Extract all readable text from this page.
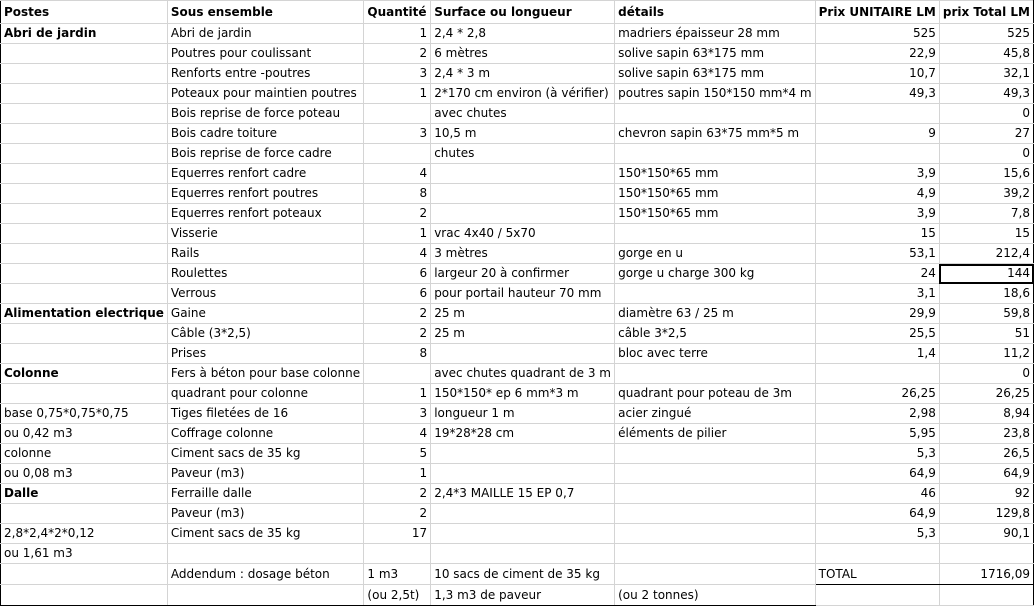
Postes	Sous ensemble	Quantité	Surface ou longueur	détails	Prix UNITAIRE LM	prix Total LM
Abri de jardin	Abri de jardin	1	2,4 * 2,8	madriers épaisseur 28 mm	525	525
	Poutres pour coulissant	2	6 mètres	solive sapin 63*175 mm	22,9	45,8
	Renforts entre -poutres	3	2,4 * 3 m	solive sapin 63*175 mm	10,7	32,1
	Poteaux pour maintien poutres	1	2*170 cm environ (à vérifier)	poutres sapin 150*150 mm*4 m	49,3	49,3
	Bois reprise de force poteau		avec chutes			0
	Bois cadre toiture	3	10,5 m	chevron sapin 63*75 mm*5 m	9	27
	Bois reprise de force cadre		chutes			0
	Equerres renfort cadre	4		150*150*65 mm	3,9	15,6
	Equerres renfort poutres	8		150*150*65 mm	4,9	39,2
	Equerres renfort poteaux	2		150*150*65 mm	3,9	7,8
	Visserie	1	vrac 4x40 / 5x70		15	15
	Rails	4	3 mètres	gorge en u	53,1	212,4
	Roulettes	6	largeur 20 à confirmer	gorge u charge 300 kg	24	144
	Verrous	6	pour portail hauteur 70 mm		3,1	18,6
Alimentation electrique	Gaine	2	25 m	diamètre 63 / 25 m	29,9	59,8
	Câble (3*2,5)	2	25 m	câble 3*2,5	25,5	51
	Prises	8		bloc avec terre	1,4	11,2
Colonne	Fers à béton pour base colonne		avec chutes quadrant de 3 m			0
	quadrant pour colonne	1	150*150* ep 6 mm*3 m	quadrant pour poteau de 3m	26,25	26,25
base 0,75*0,75*0,75	Tiges filetées de 16	3	longueur 1 m	acier zingué	2,98	8,94
ou 0,42 m3	Coffrage colonne	4	19*28*28 cm	éléments de pilier	5,95	23,8
colonne	Ciment sacs de 35 kg	5			5,3	26,5
ou 0,08 m3	Paveur (m3)	1			64,9	64,9
Dalle	Ferraille dalle	2	2,4*3 MAILLE 15 EP 0,7		46	92
	Paveur (m3)	2			64,9	129,8
2,8*2,4*2*0,12	Ciment sacs de 35 kg	17			5,3	90,1
ou 1,61 m3						
	Addendum : dosage béton	1 m3	10 sacs de ciment de 35 kg		TOTAL	1716,09
		(ou 2,5t)	1,3 m3 de paveur	(ou 2 tonnes)		
